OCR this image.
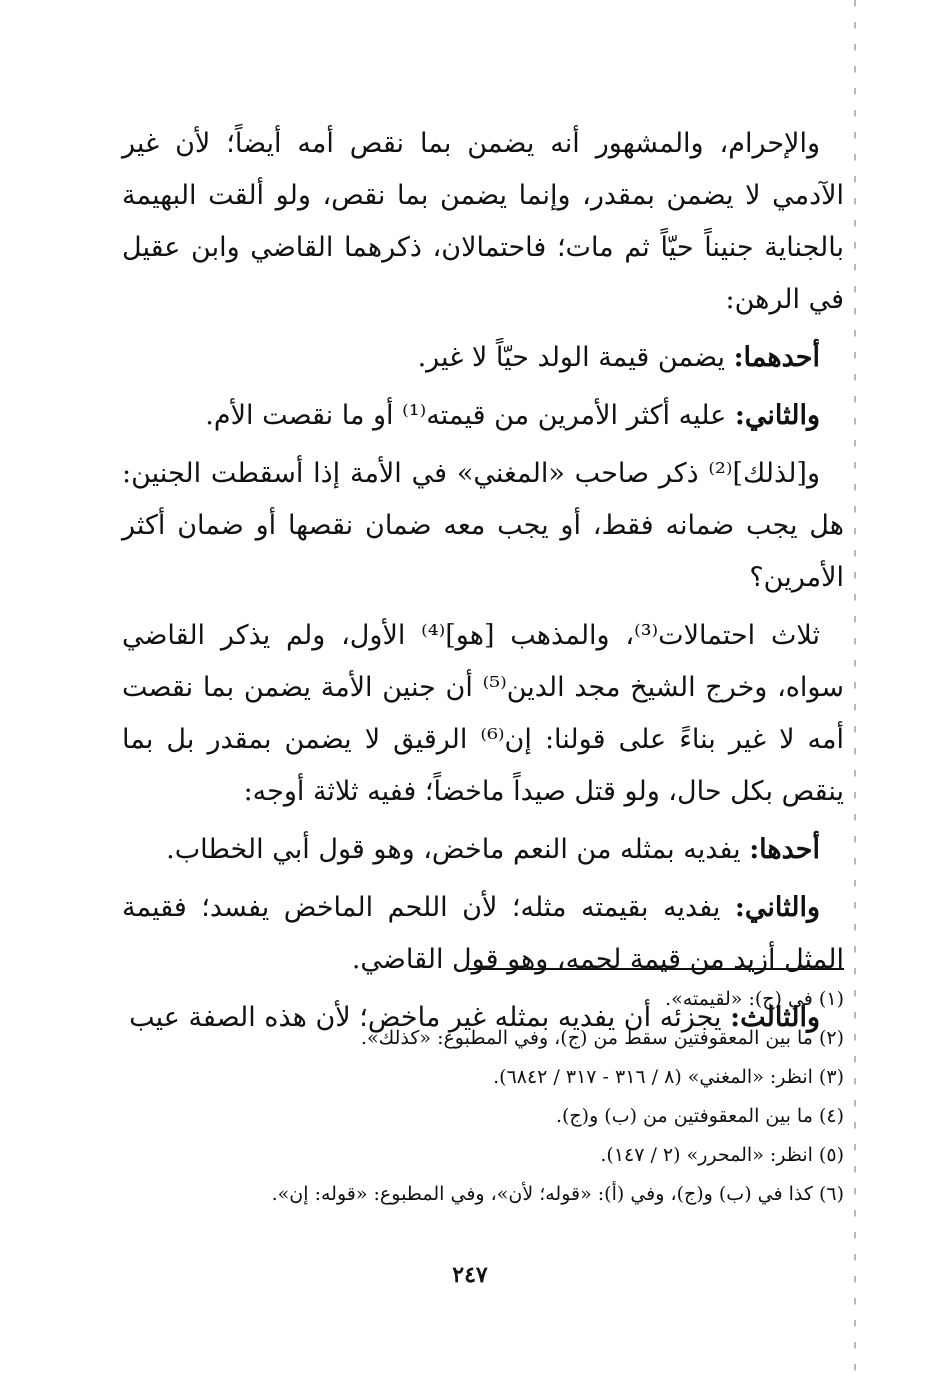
والإحرام، والمشهور أنه يضمن بما نقص أمه أيضاً؛ لأن غير الآدمي لا يضمن بمقدر، وإنما يضمن بما نقص، ولو ألقت البهيمة بالجناية جنيناً حيّاً ثم مات؛ فاحتمالان، ذكرهما القاضي وابن عقيل في الرهن:

أحدهما: يضمن قيمة الولد حيّاً لا غير.

والثاني: عليه أكثر الأمرين من قيمته⁽¹⁾ أو ما نقصت الأم.

و[لذلك]⁽²⁾ ذكر صاحب «المغني» في الأمة إذا أسقطت الجنين: هل يجب ضمانه فقط، أو يجب معه ضمان نقصها أو ضمان أكثر الأمرين؟

ثلاث احتمالات⁽³⁾، والمذهب [هو]⁽⁴⁾ الأول، ولم يذكر القاضي سواه، وخرج الشيخ مجد الدين⁽⁵⁾ أن جنين الأمة يضمن بما نقصت أمه لا غير بناءً على قولنا: إن⁽⁶⁾ الرقيق لا يضمن بمقدر بل بما ينقص بكل حال، ولو قتل صيداً ماخضاً؛ ففيه ثلاثة أوجه:

أحدها: يفديه بمثله من النعم ماخض، وهو قول أبي الخطاب.

والثاني: يفديه بقيمته مثله؛ لأن اللحم الماخض يفسد؛ فقيمة المثل أزيد من قيمة لحمه، وهو قول القاضي.

والثالث: يجزئه أن يفديه بمثله غير ماخض؛ لأن هذه الصفة عيب

(١) في (ج): «لقيمته».

(٢) ما بين المعقوفتين سقط من (ج)، وفي المطبوع: «كذلك».

(٣) انظر: «المغني» (٨ / ٣١٦ - ٣١٧ / ٦٨٤٢).

(٤) ما بين المعقوفتين من (ب) و(ج).

(٥) انظر: «المحرر» (٢ / ١٤٧).

(٦) كذا في (ب) و(ج)، وفي (أ): «قوله؛ لأن»، وفي المطبوع: «قوله: إن».

٢٤٧
